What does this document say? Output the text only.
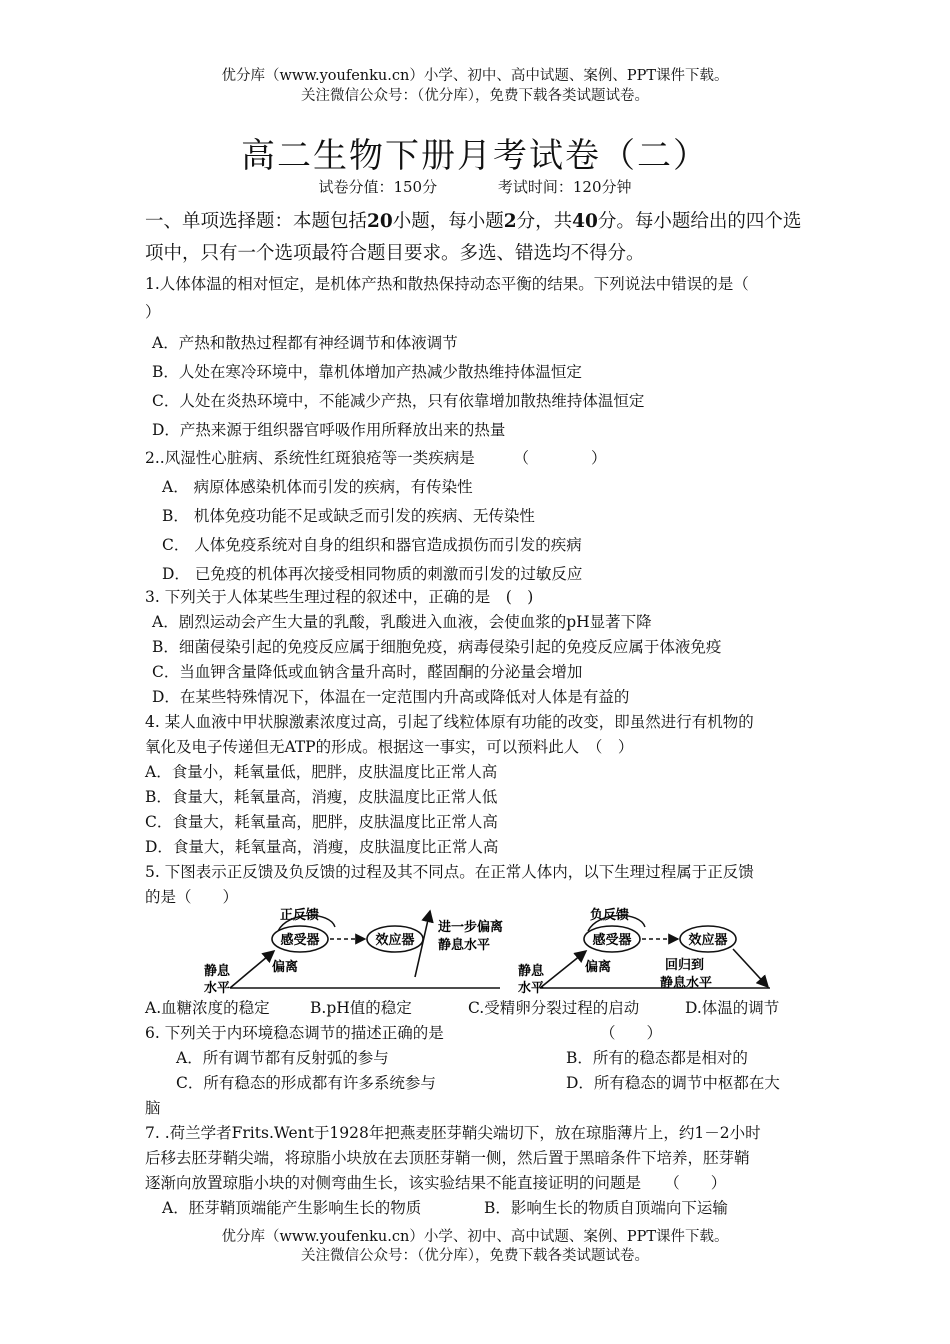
优分库（www.youfenku.cn）小学、初中、高中试题、案例、PPT课件下载。
关注微信公众号：（优分库），免费下载各类试题试卷。
高二生物下册月考试卷（二）
试卷分值：150分	考试时间：120分钟
一、单项选择题：本题包括20小题，每小题2分，共40分。每小题给出的四个选项中，只有一个选项最符合题目要求。多选、错选均不得分。
1.人体体温的相对恒定，是机体产热和散热保持动态平衡的结果。下列说法中错误的是（
）
A．产热和散热过程都有神经调节和体液调节
B．人处在寒冷环境中，靠机体增加产热减少散热维持体温恒定
C．人处在炎热环境中，不能减少产热，只有依靠增加散热维持体温恒定
D．产热来源于组织器官呼吸作用所释放出来的热量
2..风湿性心脏病、系统性红斑狼疮等一类疾病是　　　（　　　　）
A． 病原体感染机体而引发的疾病，有传染性
B． 机体免疫功能不足或缺乏而引发的疾病、无传染性
C． 人体免疫系统对自身的组织和器官造成损伤而引发的疾病
D． 已免疫的机体再次接受相同物质的刺激而引发的过敏反应
3. 下列关于人体某些生理过程的叙述中，正确的是　(　)
A．剧烈运动会产生大量的乳酸，乳酸进入血液，会使血浆的pH显著下降
B．细菌侵染引起的免疫反应属于细胞免疫，病毒侵染引起的免疫反应属于体液免疫
C．当血钾含量降低或血钠含量升高时，醛固酮的分泌量会增加
D．在某些特殊情况下，体温在一定范围内升高或降低对人体是有益的
4. 某人血液中甲状腺激素浓度过高，引起了线粒体原有功能的改变，即虽然进行有机物的
氧化及电子传递但无ATP的形成。根据这一事实，可以预料此人　（　）
A．食量小，耗氧量低，肥胖，皮肤温度比正常人高
B．食量大，耗氧量高，消瘦，皮肤温度比正常人低
C．食量大，耗氧量高，肥胖，皮肤温度比正常人高
D．食量大，耗氧量高，消瘦，皮肤温度比正常人高
5. 下图表示正反馈及负反馈的过程及其不同点。在正常人体内，以下生理过程属于正反馈
的是（　　）
正反馈
感受器	效应器
进一步偏离
静息水平
偏离
静息
水平
负反馈
感受器	效应器
回归到
静息水平
偏离
静息
水平
A.血糖浓度的稳定	B.pH值的稳定	C.受精卵分裂过程的启动	D.体温的调节
6. 下列关于内环境稳态调节的描述正确的是	（　　）
A．所有调节都有反射弧的参与	B．所有的稳态都是相对的
C．所有稳态的形成都有许多系统参与	D．所有稳态的调节中枢都在大
脑
7. .荷兰学者Frits.Went于1928年把燕麦胚芽鞘尖端切下，放在琼脂薄片上，约1－2小时
后移去胚芽鞘尖端，将琼脂小块放在去顶胚芽鞘一侧，然后置于黑暗条件下培养，胚芽鞘
逐渐向放置琼脂小块的对侧弯曲生长，该实验结果不能直接证明的问题是　　（　　）
A．胚芽鞘顶端能产生影响生长的物质	B．影响生长的物质自顶端向下运输
优分库（www.youfenku.cn）小学、初中、高中试题、案例、PPT课件下载。
关注微信公众号：（优分库），免费下载各类试题试卷。
